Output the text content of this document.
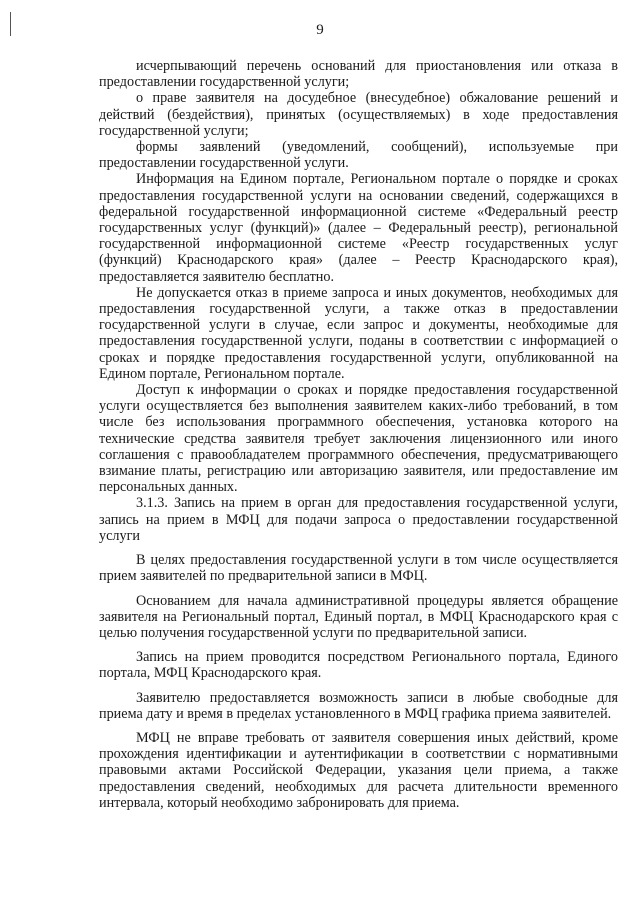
9

исчерпывающий перечень оснований для приостановления или отказа в предоставлении государственной услуги;

о праве заявителя на досудебное (внесудебное) обжалование решений и действий (бездействия), принятых (осуществляемых) в ходе предоставления государственной услуги;

формы заявлений (уведомлений, сообщений), используемые при предоставлении государственной услуги.

Информация на Едином портале, Региональном портале о порядке и сроках предоставления государственной услуги на основании сведений, содержащихся в федеральной государственной информационной системе «Федеральный реестр государственных услуг (функций)» (далее – Федеральный реестр), региональной государственной информационной системе «Реестр государственных услуг (функций) Краснодарского края» (далее – Реестр Краснодарского края), предоставляется заявителю бесплатно.

Не допускается отказ в приеме запроса и иных документов, необходимых для предоставления государственной услуги, а также отказ в предоставлении государственной услуги в случае, если запрос и документы, необходимые для предоставления государственной услуги, поданы в соответствии с информацией о сроках и порядке предоставления государственной услуги, опубликованной на Едином портале, Региональном портале.

Доступ к информации о сроках и порядке предоставления государственной услуги осуществляется без выполнения заявителем каких-либо требований, в том числе без использования программного обеспечения, установка которого на технические средства заявителя требует заключения лицензионного или иного соглашения с правообладателем программного обеспечения, предусматривающего взимание платы, регистрацию или авторизацию заявителя, или предоставление им персональных данных.

3.1.3. Запись на прием в орган для предоставления государственной услуги, запись на прием в МФЦ для подачи запроса о предоставлении государственной услуги

В целях предоставления государственной услуги в том числе осуществляется прием заявителей по предварительной записи в МФЦ.

Основанием для начала административной процедуры является обращение заявителя на Региональный портал, Единый портал, в МФЦ Краснодарского края с целью получения государственной услуги по предварительной записи.

Запись на прием проводится посредством Регионального портала, Единого портала, МФЦ Краснодарского края.

Заявителю предоставляется возможность записи в любые свободные для приема дату и время в пределах установленного в МФЦ графика приема заявителей.

МФЦ не вправе требовать от заявителя совершения иных действий, кроме прохождения идентификации и аутентификации в соответствии с нормативными правовыми актами Российской Федерации, указания цели приема, а также предоставления сведений, необходимых для расчета длительности временного интервала, который необходимо забронировать для приема.
